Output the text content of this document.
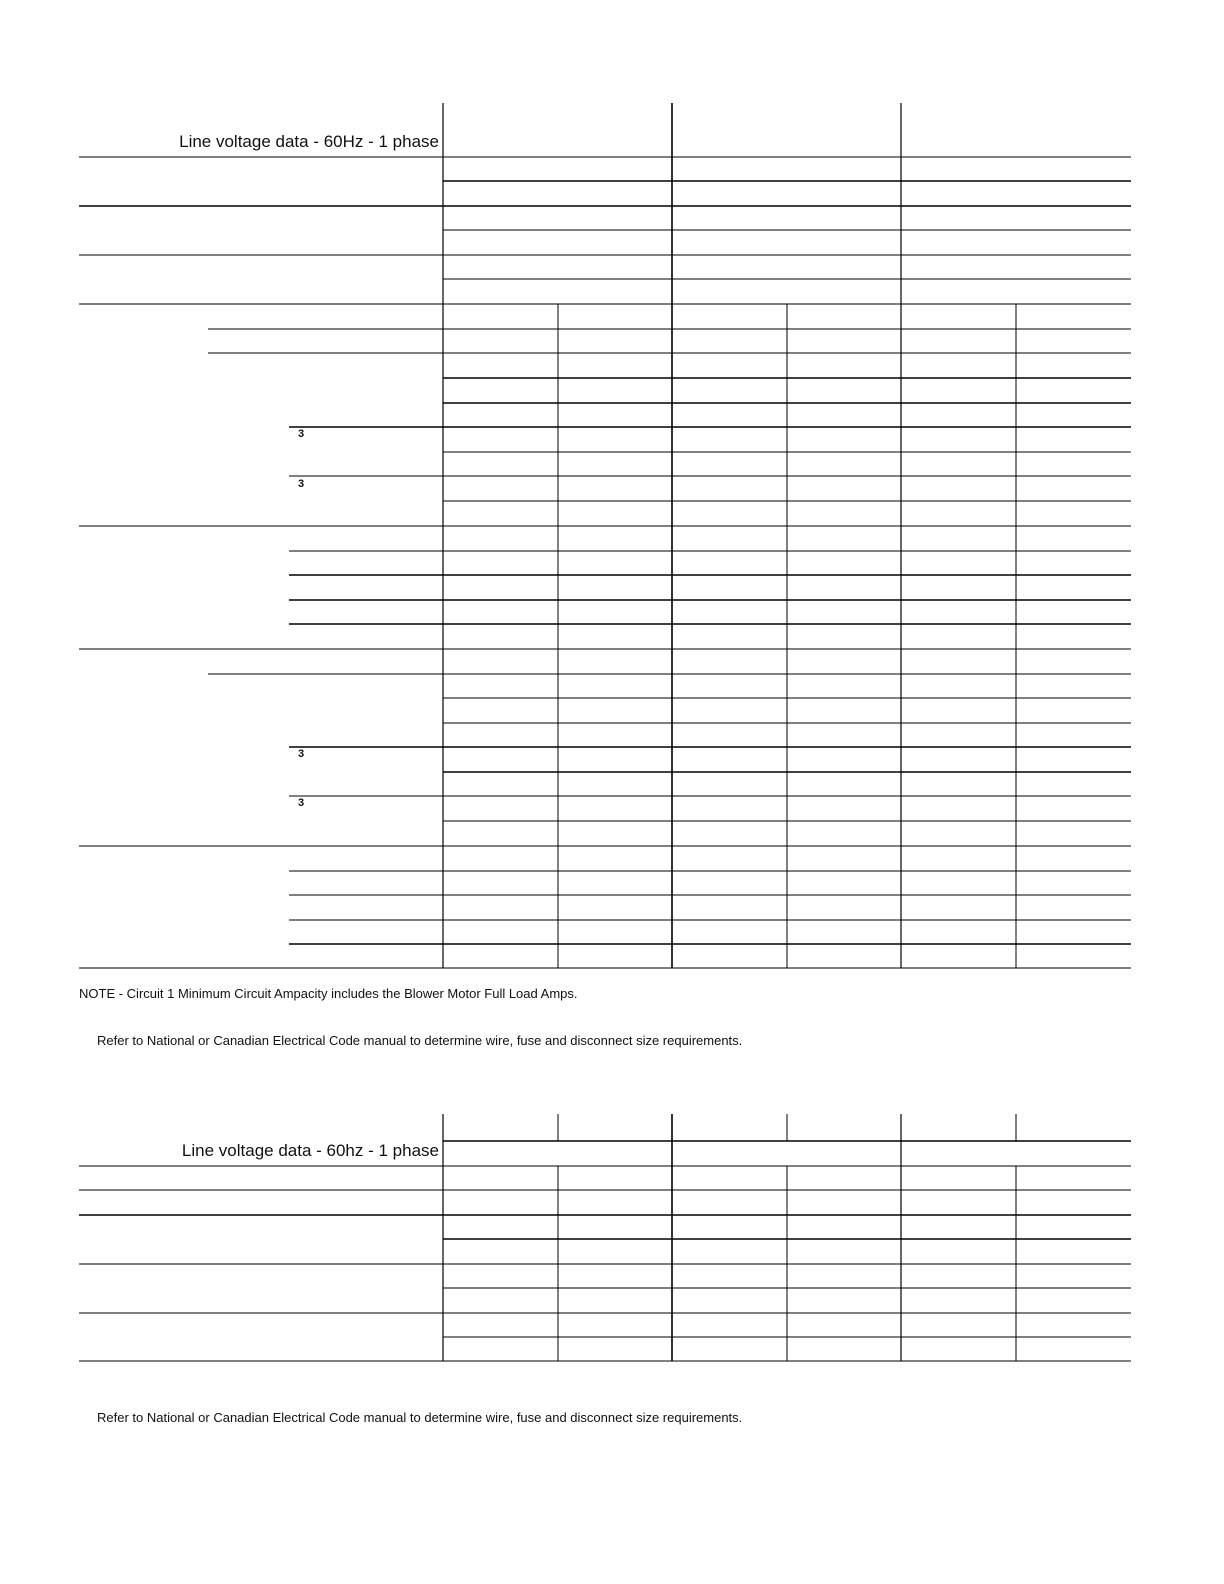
Line voltage data - 60Hz - 1 phase
3
3
3
3
NOTE - Circuit 1 Minimum Circuit Ampacity includes the Blower Motor Full Load Amps.
Refer to National or Canadian Electrical Code manual to determine wire, fuse and disconnect size requirements.
Line voltage data - 60hz - 1 phase
Refer to National or Canadian Electrical Code manual to determine wire, fuse and disconnect size requirements.
